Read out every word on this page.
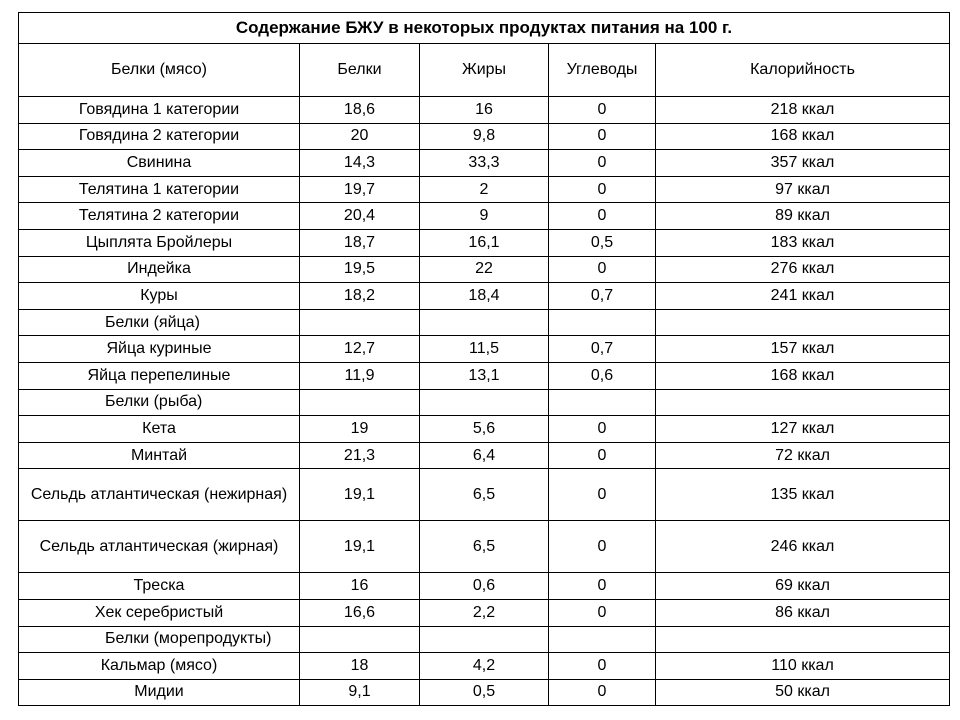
Содержание БЖУ в некоторых продуктах питания на 100 г.				
Белки (мясо)	Белки	Жиры	Углеводы	Калорийность
Говядина 1 категории	18,6	16	0	218 ккал
Говядина 2 категории	20	9,8	0	168 ккал
Свинина	14,3	33,3	0	357 ккал
Телятина 1 категории	19,7	2	0	97 ккал
Телятина 2 категории	20,4	9	0	89 ккал
Цыплята Бройлеры	18,7	16,1	0,5	183 ккал
Индейка	19,5	22	0	276 ккал
Куры	18,2	18,4	0,7	241 ккал
Белки (яйца)				
Яйца куриные	12,7	11,5	0,7	157 ккал
Яйца перепелиные	11,9	13,1	0,6	168 ккал
Белки (рыба)				
Кета	19	5,6	0	127 ккал
Минтай	21,3	6,4	0	72 ккал
Сельдь атлантическая (нежирная)	19,1	6,5	0	135 ккал
Сельдь атлантическая (жирная)	19,1	6,5	0	246 ккал
Треска	16	0,6	0	69 ккал
Хек серебристый	16,6	2,2	0	86 ккал
Белки (морепродукты)				
Кальмар (мясо)	18	4,2	0	110 ккал
Мидии	9,1	0,5	0	50 ккал
